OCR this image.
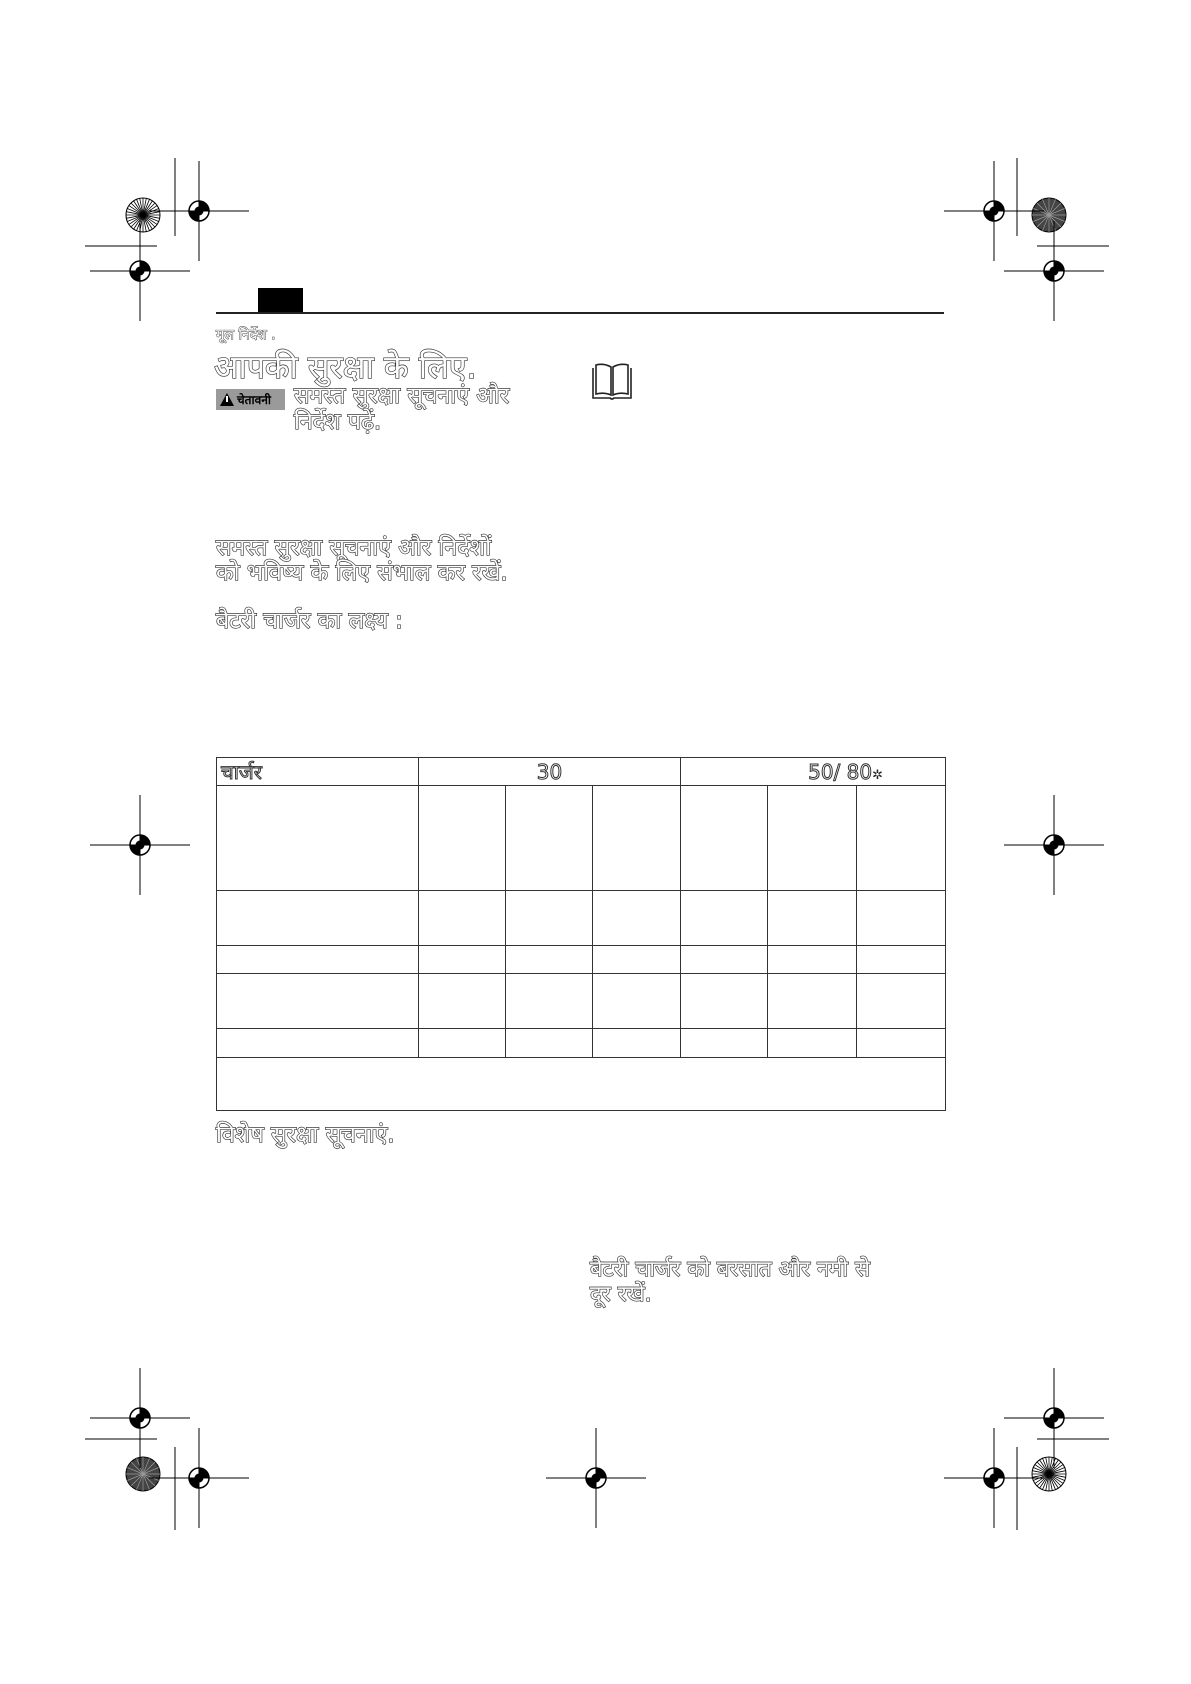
मूल निर्देश .
आपकी सुरक्षा के लिए.
चेतावनी समस्त सुरक्षा सूचनाएं और
निर्देश पढ़ें.
समस्त सुरक्षा सूचनाएं और निर्देशों
को भविष्य के लिए संभाल कर रखें.
बैटरी चार्जर का लक्ष्य :
चार्जर	30			50/ 80✲		

विशेष सुरक्षा सूचनाएं.
बैटरी चार्जर को बरसात और नमी से
दूर रखें.
